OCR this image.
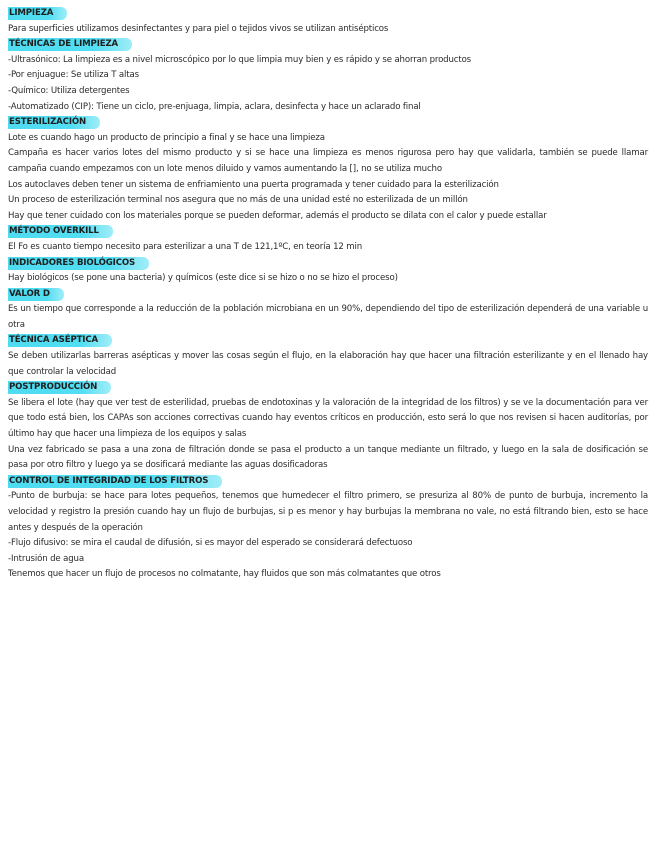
LIMPIEZA

Para superficies utilizamos desinfectantes y para piel o tejidos vivos se utilizan antisépticos

TÉCNICAS DE LIMPIEZA

-Ultrasónico: La limpieza es a nivel microscópico por lo que limpia muy bien y es rápido y se ahorran productos

-Por enjuague: Se utiliza T altas

-Químico: Utiliza detergentes

-Automatizado (CIP): Tiene un ciclo, pre-enjuaga, limpia, aclara, desinfecta y hace un aclarado final

ESTERILIZACIÓN

Lote es cuando hago un producto de principio a final y se hace una limpieza

Campaña es hacer varios lotes del mismo producto y si se hace una limpieza es menos rigurosa pero hay que validarla, también se puede llamar campaña cuando empezamos con un lote menos diluido y vamos aumentando la [], no se utiliza mucho

Los autoclaves deben tener un sistema de enfriamiento una puerta programada y tener cuidado para la esterilización

Un proceso de esterilización terminal nos asegura que no más de una unidad esté no esterilizada de un millón

Hay que tener cuidado con los materiales porque se pueden deformar, además el producto se dilata con el calor y puede estallar

MÉTODO OVERKILL

El Fo es cuanto tiempo necesito para esterilizar a una T de 121,1ºC, en teoría 12 min

INDICADORES BIOLÓGICOS

Hay biológicos (se pone una bacteria) y químicos (este dice si se hizo o no se hizo el proceso)

VALOR D

Es un tiempo que corresponde a la reducción de la población microbiana en un 90%, dependiendo del tipo de esterilización dependerá de una variable u otra

TÉCNICA ASÉPTICA

Se deben utilizarlas barreras asépticas y mover las cosas según el flujo, en la elaboración hay que hacer una filtración esterilizante y en el llenado hay que controlar la velocidad

POSTPRODUCCIÓN

Se libera el lote (hay que ver test de esterilidad, pruebas de endotoxinas y la valoración de la integridad de los filtros) y se ve la documentación para ver que todo está bien, los CAPAs son acciones correctivas cuando hay eventos críticos en producción, esto será lo que nos revisen si hacen auditorías, por último hay que hacer una limpieza de los equipos y salas

Una vez fabricado se pasa a una zona de filtración donde se pasa el producto a un tanque mediante un filtrado, y luego en la sala de dosificación se pasa por otro filtro y luego ya se dosificará mediante las aguas dosificadoras

CONTROL DE INTEGRIDAD DE LOS FILTROS

-Punto de burbuja: se hace para lotes pequeños, tenemos que humedecer el filtro primero, se presuriza al 80% de punto de burbuja, incremento la velocidad y registro la presión cuando hay un flujo de burbujas, si p es menor y hay burbujas la membrana no vale, no está filtrando bien, esto se hace antes y después de la operación

-Flujo difusivo: se mira el caudal de difusión, si es mayor del esperado se considerará defectuoso

-Intrusión de agua

Tenemos que hacer un flujo de procesos no colmatante, hay fluidos que son más colmatantes que otros
